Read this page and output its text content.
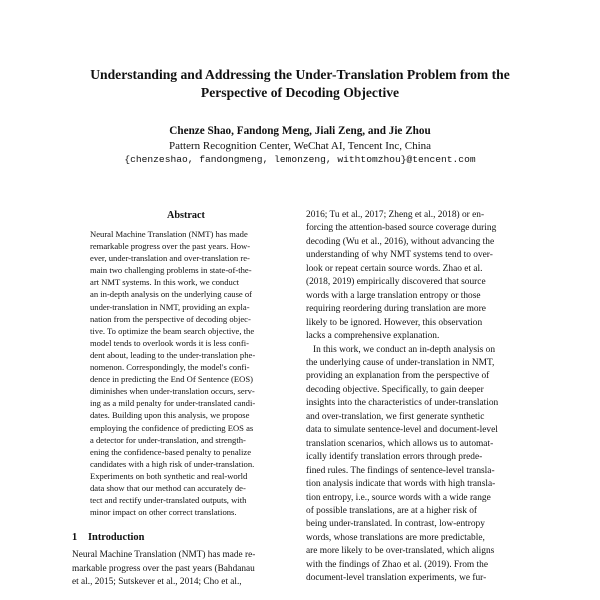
Understanding and Addressing the Under-Translation Problem from the
Perspective of Decoding Objective
Chenze Shao, Fandong Meng, Jiali Zeng, and Jie Zhou
Pattern Recognition Center, WeChat AI, Tencent Inc, China
{chenzeshao, fandongmeng, lemonzeng, withtomzhou}@tencent.com
Abstract
Neural Machine Translation (NMT) has made
remarkable progress over the past years. How-
ever, under-translation and over-translation re-
main two challenging problems in state-of-the-
art NMT systems. In this work, we conduct
an in-depth analysis on the underlying cause of
under-translation in NMT, providing an expla-
nation from the perspective of decoding objec-
tive. To optimize the beam search objective, the
model tends to overlook words it is less confi-
dent about, leading to the under-translation phe-
nomenon. Correspondingly, the model's confi-
dence in predicting the End Of Sentence (EOS)
diminishes when under-translation occurs, serv-
ing as a mild penalty for under-translated candi-
dates. Building upon this analysis, we propose
employing the confidence of predicting EOS as
a detector for under-translation, and strength-
ening the confidence-based penalty to penalize
candidates with a high risk of under-translation.
Experiments on both synthetic and real-world
data show that our method can accurately de-
tect and rectify under-translated outputs, with
minor impact on other correct translations.
1 Introduction
Neural Machine Translation (NMT) has made re-
markable progress over the past years (Bahdanau
et al., 2015; Sutskever et al., 2014; Cho et al.,
2016; Tu et al., 2017; Zheng et al., 2018) or en-
forcing the attention-based source coverage during
decoding (Wu et al., 2016), without advancing the
understanding of why NMT systems tend to over-
look or repeat certain source words. Zhao et al.
(2018, 2019) empirically discovered that source
words with a large translation entropy or those
requiring reordering during translation are more
likely to be ignored. However, this observation
lacks a comprehensive explanation.
In this work, we conduct an in-depth analysis on
the underlying cause of under-translation in NMT,
providing an explanation from the perspective of
decoding objective. Specifically, to gain deeper
insights into the characteristics of under-translation
and over-translation, we first generate synthetic
data to simulate sentence-level and document-level
translation scenarios, which allows us to automat-
ically identify translation errors through prede-
fined rules. The findings of sentence-level transla-
tion analysis indicate that words with high transla-
tion entropy, i.e., source words with a wide range
of possible translations, are at a higher risk of
being under-translated. In contrast, low-entropy
words, whose translations are more predictable,
are more likely to be over-translated, which aligns
with the findings of Zhao et al. (2019). From the
document-level translation experiments, we fur-
